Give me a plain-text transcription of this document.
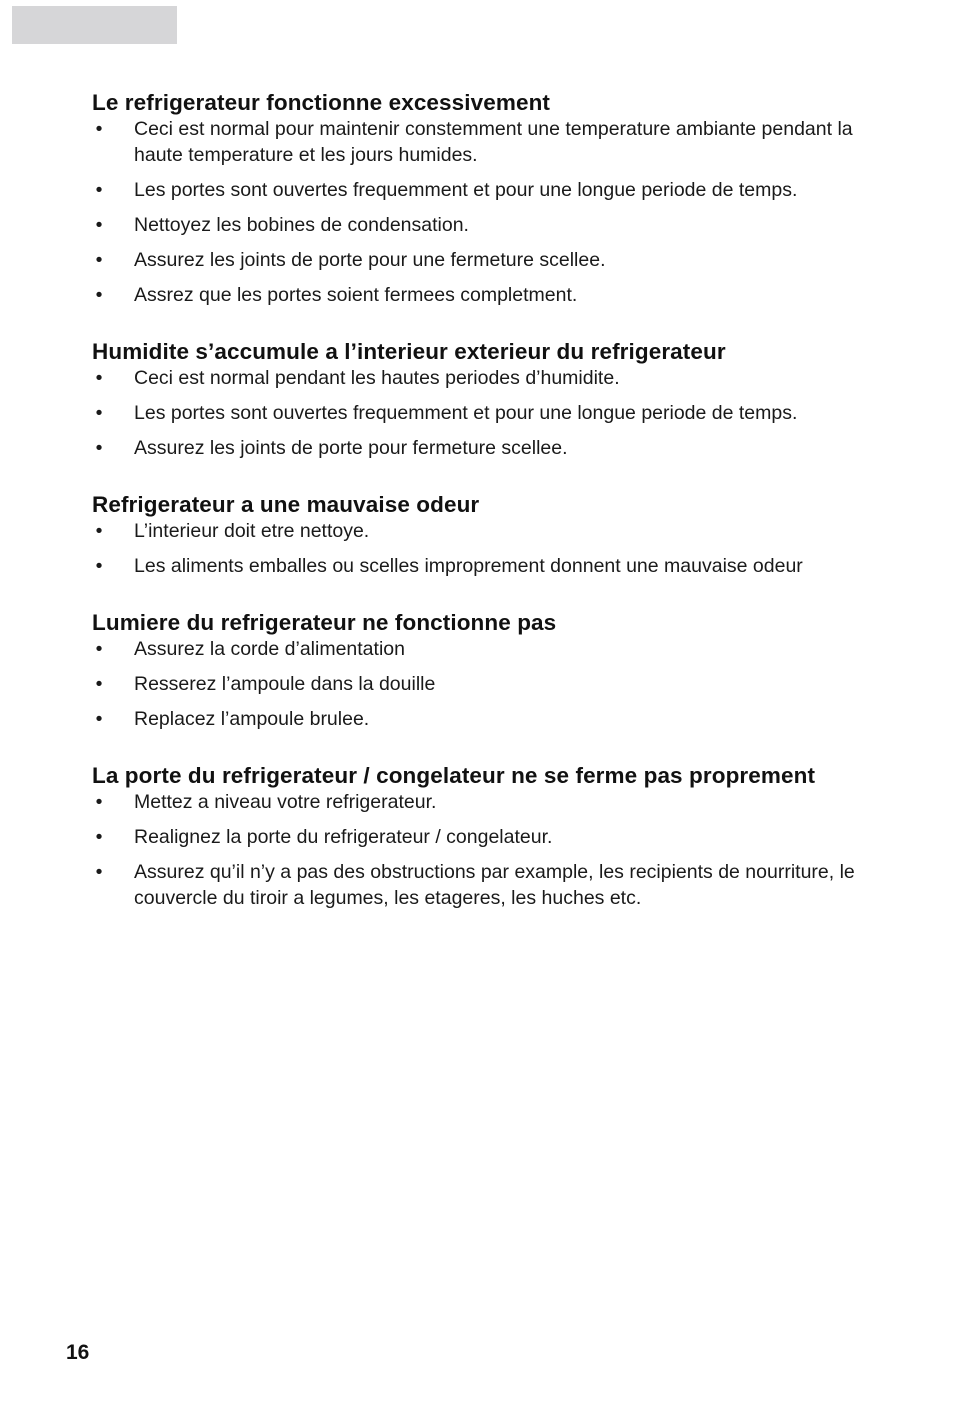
Le refrigerateur fonctionne excessivement
• Ceci est normal pour maintenir constemment une temperature ambiante pendant la haute temperature et les jours humides.
• Les portes sont ouvertes frequemment et pour une longue periode de temps.
• Nettoyez les bobines de condensation.
• Assurez les joints de porte pour une fermeture scellee.
• Assrez que les portes soient fermees completment.
Humidite s’accumule a l’interieur exterieur du refrigerateur
• Ceci est normal pendant les hautes periodes d’humidite.
• Les portes sont ouvertes frequemment et pour une longue periode de temps.
• Assurez les joints de porte pour fermeture scellee.
Refrigerateur a une mauvaise odeur
• L’interieur doit etre nettoye.
• Les aliments emballes ou scelles improprement donnent une mauvaise odeur
Lumiere du refrigerateur ne fonctionne pas
• Assurez la corde d’alimentation
• Resserez l’ampoule dans la douille
• Replacez l’ampoule brulee.
La porte du refrigerateur / congelateur ne se ferme pas proprement
• Mettez a niveau votre refrigerateur.
• Realignez la porte du refrigerateur / congelateur.
• Assurez qu’il n’y a pas des obstructions par example, les recipients de nourriture, le couvercle du tiroir a legumes, les etageres, les huches etc.
16
